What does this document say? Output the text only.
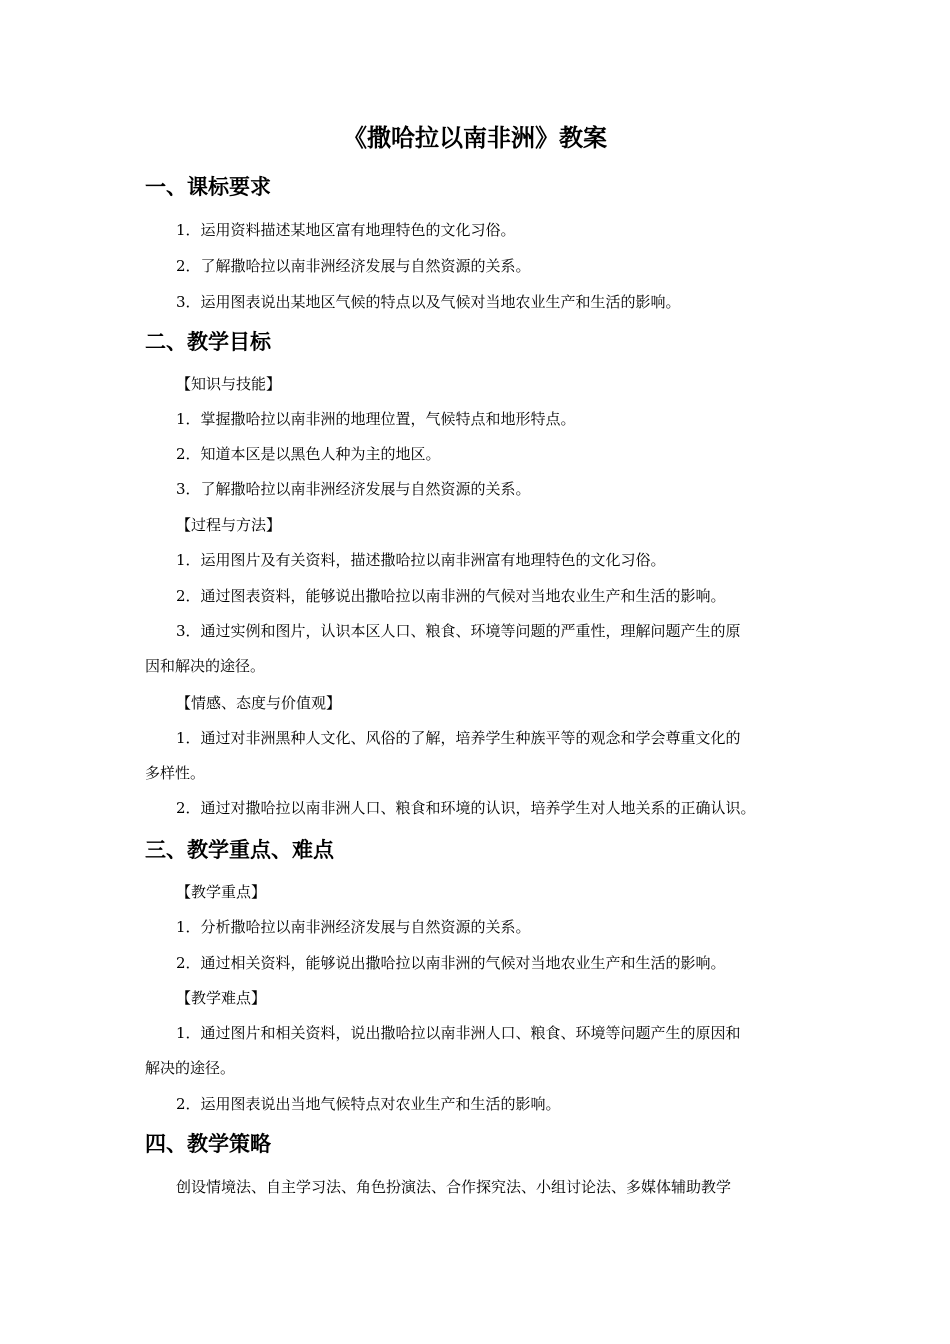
《撒哈拉以南非洲》教案
一、课标要求
1．运用资料描述某地区富有地理特色的文化习俗。
2．了解撒哈拉以南非洲经济发展与自然资源的关系。
3．运用图表说出某地区气候的特点以及气候对当地农业生产和生活的影响。
二、教学目标
【知识与技能】
1．掌握撒哈拉以南非洲的地理位置，气候特点和地形特点。
2．知道本区是以黑色人种为主的地区。
3．了解撒哈拉以南非洲经济发展与自然资源的关系。
【过程与方法】
1．运用图片及有关资料，描述撒哈拉以南非洲富有地理特色的文化习俗。
2．通过图表资料，能够说出撒哈拉以南非洲的气候对当地农业生产和生活的影响。
3．通过实例和图片，认识本区人口、粮食、环境等问题的严重性，理解问题产生的原
因和解决的途径。
【情感、态度与价值观】
1．通过对非洲黑种人文化、风俗的了解，培养学生种族平等的观念和学会尊重文化的
多样性。
2．通过对撒哈拉以南非洲人口、粮食和环境的认识，培养学生对人地关系的正确认识。
三、教学重点、难点
【教学重点】
1．分析撒哈拉以南非洲经济发展与自然资源的关系。
2．通过相关资料，能够说出撒哈拉以南非洲的气候对当地农业生产和生活的影响。
【教学难点】
1．通过图片和相关资料，说出撒哈拉以南非洲人口、粮食、环境等问题产生的原因和
解决的途径。
2．运用图表说出当地气候特点对农业生产和生活的影响。
四、教学策略
创设情境法、自主学习法、角色扮演法、合作探究法、小组讨论法、多媒体辅助教学
